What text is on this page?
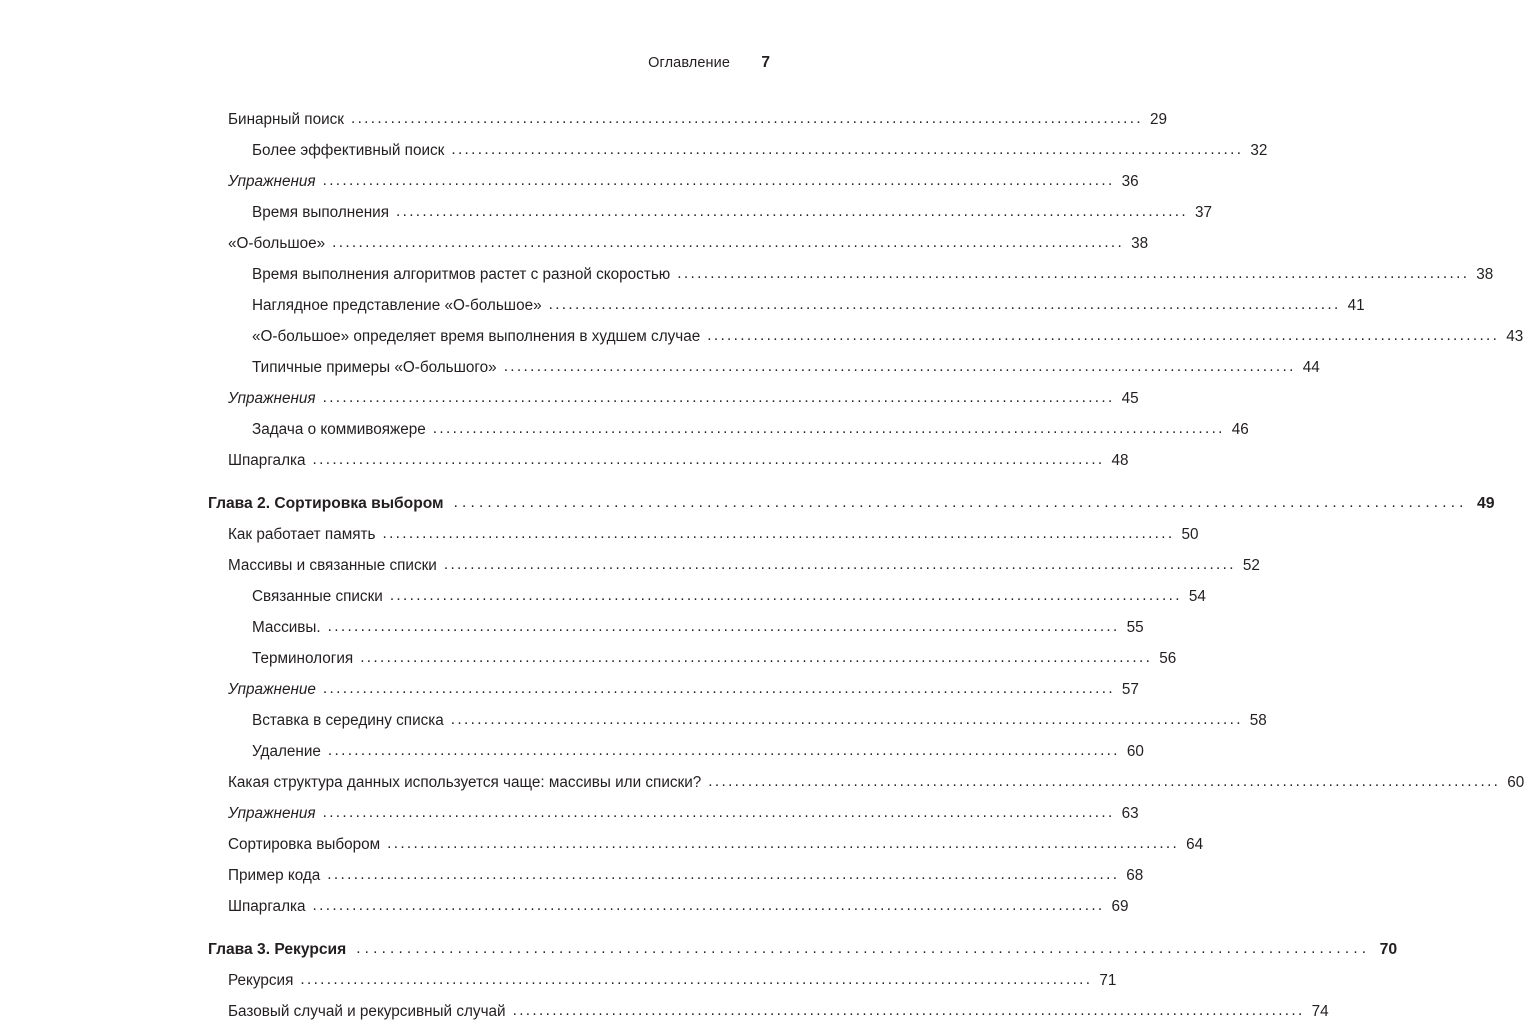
Оглавление	7
Бинарный поиск .....	29
Более эффективный поиск .....	32
Упражнения .....	36
Время выполнения .....	37
«О-большое» .....	38
Время выполнения алгоритмов растет с разной скоростью .....	38
Наглядное представление «О-большое» .....	41
«О-большое» определяет время выполнения в худшем случае .....	43
Типичные примеры «О-большого» .....	44
Упражнения .....	45
Задача о коммивояжере .....	46
Шпаргалка .....	48
Глава 2. Сортировка выбором .....	49
Как работает память .....	50
Массивы и связанные списки .....	52
Связанные списки .....	54
Массивы. .....	55
Терминология .....	56
Упражнение .....	57
Вставка в середину списка .....	58
Удаление .....	60
Какая структура данных используется чаще: массивы или списки? .....	60
Упражнения .....	63
Сортировка выбором .....	64
Пример кода .....	68
Шпаргалка .....	69
Глава 3. Рекурсия .....	70
Рекурсия .....	71
Базовый случай и рекурсивный случай .....	74
